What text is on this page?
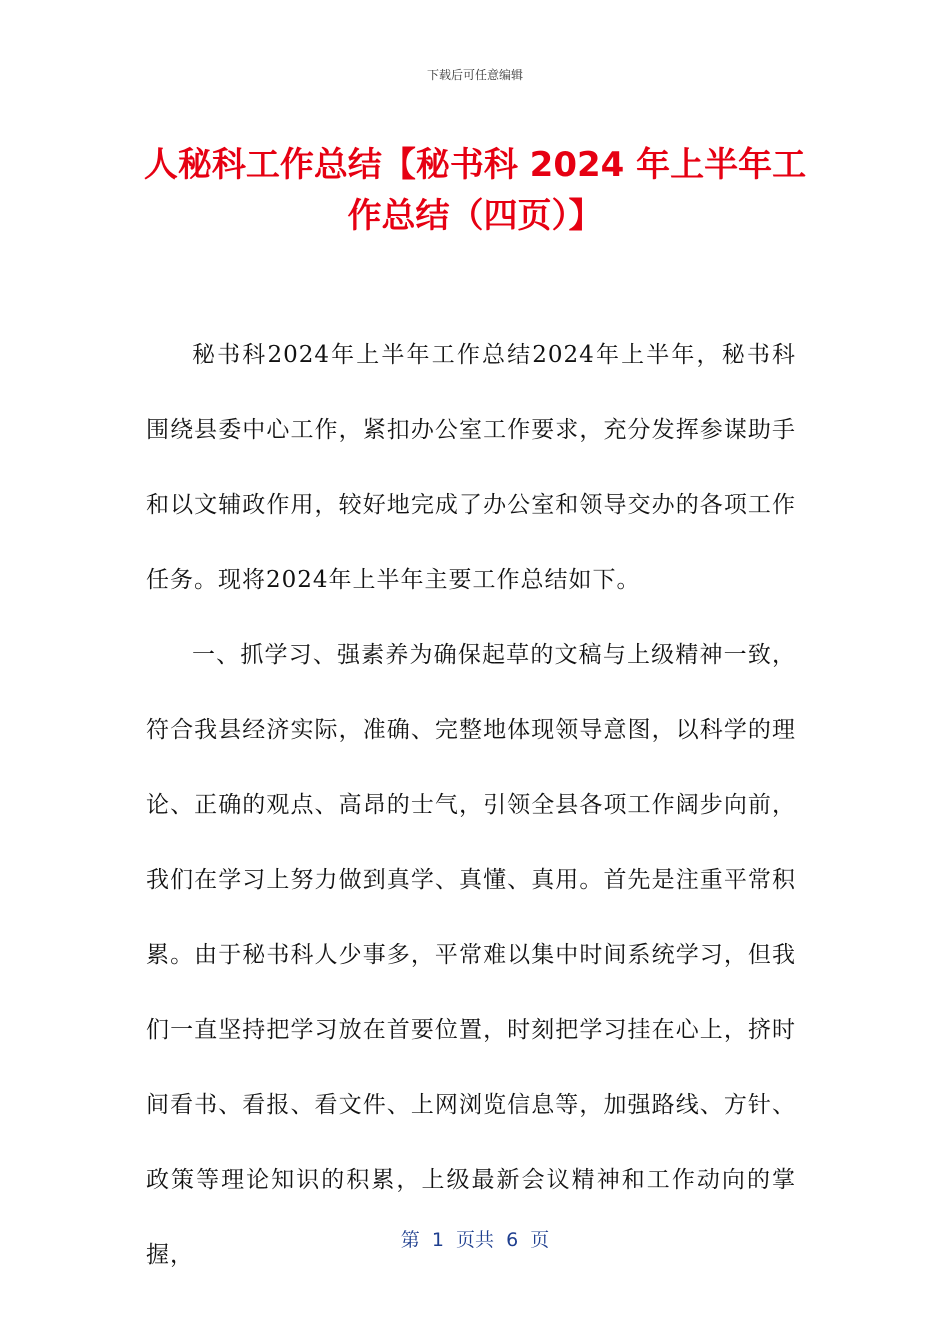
下载后可任意编辑
人秘科工作总结【秘书科 2024 年上半年工
作总结（四页）】

秘书科2024年上半年工作总结2024年上半年，秘书科围绕县委中心工作，紧扣办公室工作要求，充分发挥参谋助手和以文辅政作用，较好地完成了办公室和领导交办的各项工作任务。现将2024年上半年主要工作总结如下。

一、抓学习、强素养为确保起草的文稿与上级精神一致，符合我县经济实际，准确、完整地体现领导意图，以科学的理论、正确的观点、高昂的士气，引领全县各项工作阔步向前，我们在学习上努力做到真学、真懂、真用。首先是注重平常积累。由于秘书科人少事多，平常难以集中时间系统学习，但我们一直坚持把学习放在首要位置，时刻把学习挂在心上，挤时间看书、看报、看文件、上网浏览信息等，加强路线、方针、政策等理论知识的积累，上级最新会议精神和工作动向的掌握，

第  1  页共  6  页
